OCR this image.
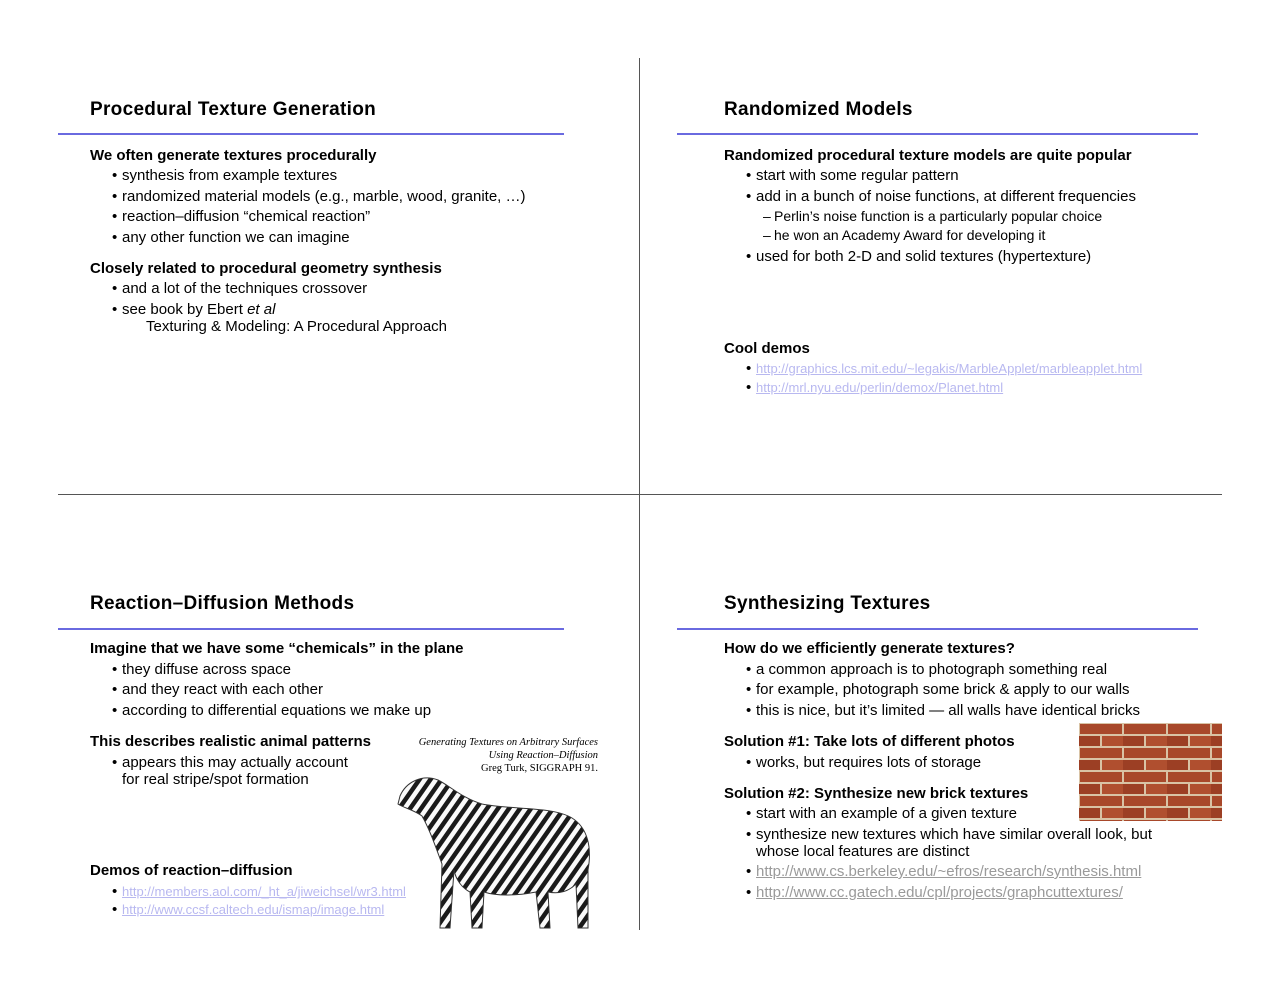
Procedural Texture Generation
We often generate textures procedurally
• synthesis from example textures
• randomized material models (e.g., marble, wood, granite, …)
• reaction–diffusion “chemical reaction”
• any other function we can imagine
Closely related to procedural geometry synthesis
• and a lot of the techniques crossover
• see book by Ebert et al
Texturing & Modeling: A Procedural Approach
Randomized Models
Randomized procedural texture models are quite popular
• start with some regular pattern
• add in a bunch of noise functions, at different frequencies
– Perlin’s noise function is a particularly popular choice
– he won an Academy Award for developing it
• used for both 2-D and solid textures (hypertexture)
Cool demos
• http://graphics.lcs.mit.edu/~legakis/MarbleApplet/marbleapplet.html
• http://mrl.nyu.edu/perlin/demox/Planet.html
Reaction–Diffusion Methods
Imagine that we have some “chemicals” in the plane
• they diffuse across space
• and they react with each other
• according to differential equations we make up
This describes realistic animal patterns
• appears this may actually account
for real stripe/spot formation
Generating Textures on Arbitrary Surfaces
Using Reaction–Diffusion
Greg Turk, SIGGRAPH 91.
Demos of reaction–diffusion
• http://members.aol.com/_ht_a/jiweichsel/wr3.html
• http://www.ccsf.caltech.edu/ismap/image.html
Synthesizing Textures
How do we efficiently generate textures?
• a common approach is to photograph something real
• for example, photograph some brick & apply to our walls
• this is nice, but it’s limited — all walls have identical bricks
Solution #1: Take lots of different photos
• works, but requires lots of storage
Solution #2: Synthesize new brick textures
• start with an example of a given texture
• synthesize new textures which have similar overall look, but
whose local features are distinct
• http://www.cs.berkeley.edu/~efros/research/synthesis.html
• http://www.cc.gatech.edu/cpl/projects/graphcuttextures/
